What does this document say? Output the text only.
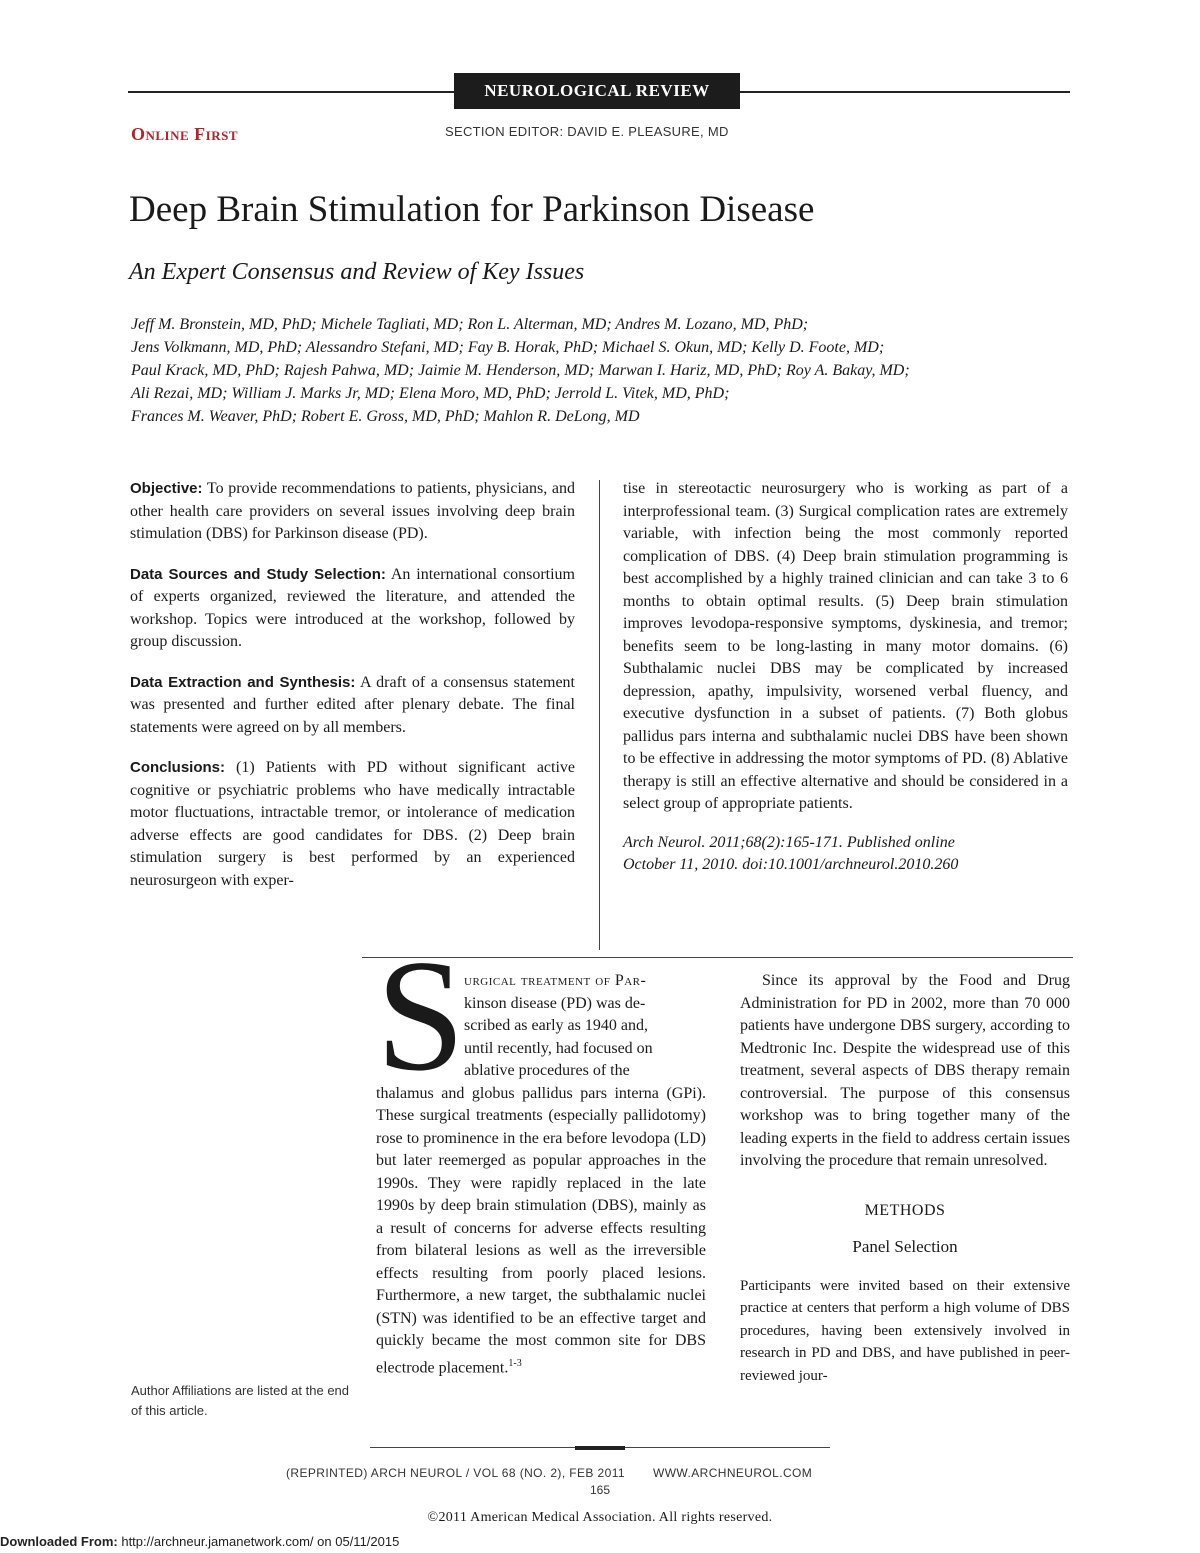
NEUROLOGICAL REVIEW
Online First	SECTION EDITOR: DAVID E. PLEASURE, MD
Deep Brain Stimulation for Parkinson Disease
An Expert Consensus and Review of Key Issues
Jeff M. Bronstein, MD, PhD; Michele Tagliati, MD; Ron L. Alterman, MD; Andres M. Lozano, MD, PhD;
Jens Volkmann, MD, PhD; Alessandro Stefani, MD; Fay B. Horak, PhD; Michael S. Okun, MD; Kelly D. Foote, MD;
Paul Krack, MD, PhD; Rajesh Pahwa, MD; Jaimie M. Henderson, MD; Marwan I. Hariz, MD, PhD; Roy A. Bakay, MD;
Ali Rezai, MD; William J. Marks Jr, MD; Elena Moro, MD, PhD; Jerrold L. Vitek, MD, PhD;
Frances M. Weaver, PhD; Robert E. Gross, MD, PhD; Mahlon R. DeLong, MD

Objective: To provide recommendations to patients, physicians, and other health care providers on several issues involving deep brain stimulation (DBS) for Parkinson disease (PD).

Data Sources and Study Selection: An international consortium of experts organized, reviewed the literature, and attended the workshop. Topics were introduced at the workshop, followed by group discussion.

Data Extraction and Synthesis: A draft of a consensus statement was presented and further edited after plenary debate. The final statements were agreed on by all members.

Conclusions: (1) Patients with PD without significant active cognitive or psychiatric problems who have medically intractable motor fluctuations, intractable tremor, or intolerance of medication adverse effects are good candidates for DBS. (2) Deep brain stimulation surgery is best performed by an experienced neurosurgeon with exper-

tise in stereotactic neurosurgery who is working as part of a interprofessional team. (3) Surgical complication rates are extremely variable, with infection being the most commonly reported complication of DBS. (4) Deep brain stimulation programming is best accomplished by a highly trained clinician and can take 3 to 6 months to obtain optimal results. (5) Deep brain stimulation improves levodopa-responsive symptoms, dyskinesia, and tremor; benefits seem to be long-lasting in many motor domains. (6) Subthalamic nuclei DBS may be complicated by increased depression, apathy, impulsivity, worsened verbal fluency, and executive dysfunction in a subset of patients. (7) Both globus pallidus pars interna and subthalamic nuclei DBS have been shown to be effective in addressing the motor symptoms of PD. (8) Ablative therapy is still an effective alternative and should be considered in a select group of appropriate patients.
Arch Neurol. 2011;68(2):165-171. Published online
October 11, 2010. doi:10.1001/archneurol.2010.260
S urgical treatment of Par-
kinson disease (PD) was de-
scribed as early as 1940 and,
until recently, had focused on
ablative procedures of the
thalamus and globus pallidus pars interna (GPi). These surgical treatments (especially pallidotomy) rose to prominence in the era before levodopa (LD) but later reemerged as popular approaches in the 1990s. They were rapidly replaced in the late 1990s by deep brain stimulation (DBS), mainly as a result of concerns for adverse effects resulting from bilateral lesions as well as the irreversible effects resulting from poorly placed lesions. Furthermore, a new target, the subthalamic nuclei (STN) was identified to be an effective target and quickly became the most common site for DBS electrode placement.$^{1-3}$

Since its approval by the Food and Drug Administration for PD in 2002, more than 70 000 patients have undergone DBS surgery, according to Medtronic Inc. Despite the widespread use of this treatment, several aspects of DBS therapy remain controversial. The purpose of this consensus workshop was to bring together many of the leading experts in the field to address certain issues involving the procedure that remain unresolved.

METHODS
Panel Selection

Participants were invited based on their extensive practice at centers that perform a high volume of DBS procedures, having been extensively involved in research in PD and DBS, and have published in peer-reviewed jour-

Author Affiliations are listed at the end of this article.
(REPRINTED) ARCH NEUROL / VOL 68 (NO. 2), FEB 2011 WWW.ARCHNEUROL.COM
165
©2011 American Medical Association. All rights reserved.
Downloaded From: http://archneur.jamanetwork.com/ on 05/11/2015
